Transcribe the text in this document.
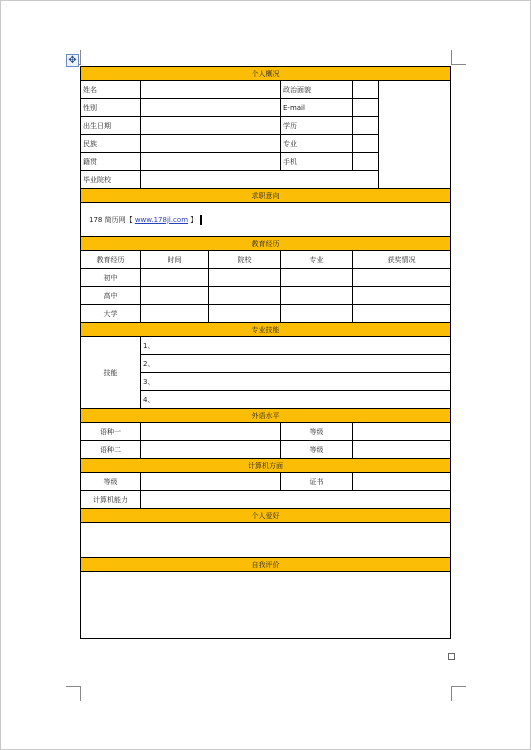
✥
个人概况					
姓名			政治面貌		
性别			E-mail		
出生日期			学历		
民族			专业		
籍贯			手机		
毕业院校					
求职意向					
178 简历网【 www.178jl.com 】					
教育经历					
教育经历	时间	院校	专业	获奖情况	
初中					
高中					
大学					
专业技能					
技能	1、				
	2、				
	3、				
	4、				
外语水平					
语种一			等级		
语种二			等级		
计算机方面					
等级			证书		
计算机能力					
个人爱好					

自我评价					
